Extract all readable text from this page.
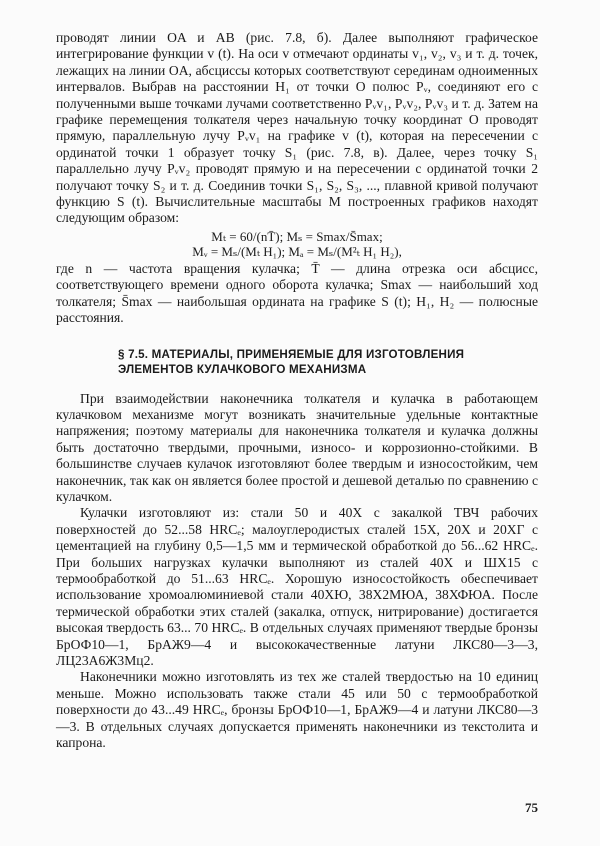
проводят линии OA и AB (рис. 7.8, б). Далее выполняют графическое интегрирование функции v (t). На оси v отмечают ординаты v₁, v₂, v₃ и т. д. точек, лежащих на линии OA, абсциссы которых соответствуют серединам одноименных интервалов. Выбрав на расстоянии H₁ от точки O полюс Pᵥ, соединяют его с полученными выше точками лучами соответственно Pᵥv₁, Pᵥv₂, Pᵥv₃ и т. д. Затем на графике перемещения толкателя через начальную точку координат O проводят прямую, параллельную лучу Pᵥv₁ на графике v (t), которая на пересечении с ординатой точки 1 образует точку S₁ (рис. 7.8, в). Далее, через точку S₁ параллельно лучу Pᵥv₂ проводят прямую и на пересечении с ординатой точки 2 получают точку S₂ и т. д. Соединив точки S₁, S₂, S₃, ..., плавной кривой получают функцию S (t). Вычислительные масштабы M построенных графиков находят следующим образом:

Mₜ = 60/(nT̄); Mₛ = Smax/S̄max;
Mᵥ = Mₛ/(Mₜ H₁); Mₐ = Mₛ/(M²ₜ H₁ H₂),

где n — частота вращения кулачка; T̄ — длина отрезка оси абсцисс, соответствующего времени одного оборота кулачка; Smax — наибольший ход толкателя; S̄max — наибольшая ордината на графике S (t); H₁, H₂ — полюсные расстояния.

§ 7.5. МАТЕРИАЛЫ, ПРИМЕНЯЕМЫЕ ДЛЯ ИЗГОТОВЛЕНИЯ
ЭЛЕМЕНТОВ КУЛАЧКОВОГО МЕХАНИЗМА

При взаимодействии наконечника толкателя и кулачка в работающем кулачковом механизме могут возникать значительные удельные контактные напряжения; поэтому материалы для наконечника толкателя и кулачка должны быть достаточно твердыми, прочными, износо- и коррозионно-стойкими. В большинстве случаев кулачок изготовляют более твердым и износостойким, чем наконечник, так как он является более простой и дешевой деталью по сравнению с кулачком.

Кулачки изготовляют из: стали 50 и 40Х с закалкой ТВЧ рабочих поверхностей до 52...58 HRCₑ; малоуглеродистых сталей 15Х, 20Х и 20ХГ с цементацией на глубину 0,5—1,5 мм и термической обработкой до 56...62 HRCₑ. При больших нагрузках кулачки выполняют из сталей 40Х и ШХ15 с термообработкой до 51...63 HRCₑ. Хорошую износостойкость обеспечивает использование хромоалюминиевой стали 40ХЮ, 38Х2МЮА, 38ХФЮА. После термической обработки этих сталей (закалка, отпуск, нитрирование) достигается высокая твердость 63... 70 HRCₑ. В отдельных случаях применяют твердые бронзы БрОФ10—1, БрАЖ9—4 и высококачественные латуни ЛКС80—3—3, ЛЦ23А6Ж3Мц2.

Наконечники можно изготовлять из тех же сталей твердостью на 10 единиц меньше. Можно использовать также стали 45 или 50 с термообработкой поверхности до 43...49 HRCₑ, бронзы БрОФ10—1, БрАЖ9—4 и латуни ЛКС80—3—3. В отдельных случаях допускается применять наконечники из текстолита и капрона.

75
